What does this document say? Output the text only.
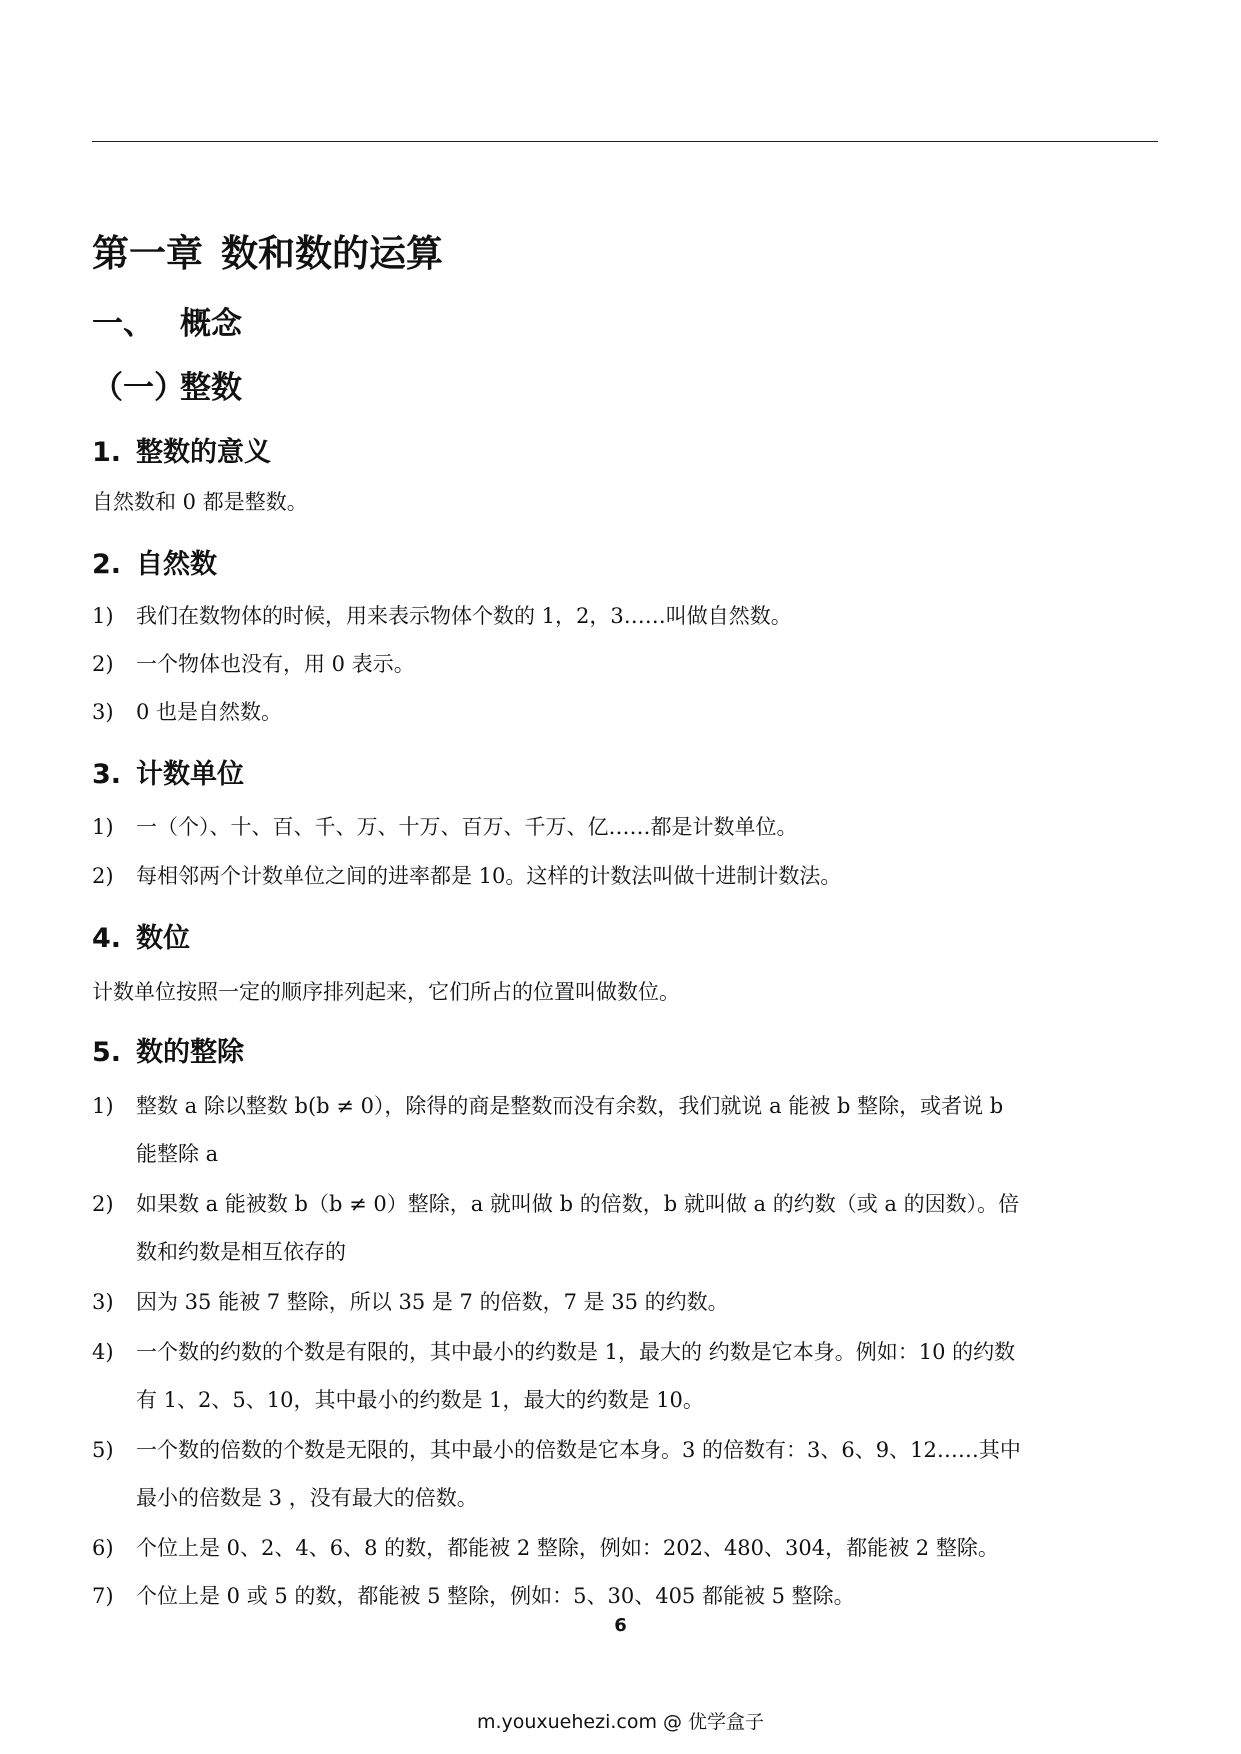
第一章 数和数的运算
一、 概念
（一）整数
1. 整数的意义
自然数和 0 都是整数。
2. 自然数
1) 我们在数物体的时候，用来表示物体个数的 1，2，3……叫做自然数。
2) 一个物体也没有，用 0 表示。
3) 0 也是自然数。
3. 计数单位
1) 一（个）、十、百、千、万、十万、百万、千万、亿……都是计数单位。
2) 每相邻两个计数单位之间的进率都是 10。这样的计数法叫做十进制计数法。
4. 数位
计数单位按照一定的顺序排列起来，它们所占的位置叫做数位。
5. 数的整除
1) 整数 a 除以整数 b(b ≠ 0），除得的商是整数而没有余数，我们就说 a 能被 b 整除，或者说 b
能整除 a
2) 如果数 a 能被数 b（b ≠ 0）整除，a 就叫做 b 的倍数，b 就叫做 a 的约数（或 a 的因数）。倍
数和约数是相互依存的
3) 因为 35 能被 7 整除，所以 35 是 7 的倍数，7 是 35 的约数。
4) 一个数的约数的个数是有限的，其中最小的约数是 1，最大的 约数是它本身。例如：10 的约数
有 1、2、5、10，其中最小的约数是 1，最大的约数是 10。
5) 一个数的倍数的个数是无限的，其中最小的倍数是它本身。3 的倍数有：3、6、9、12……其中
最小的倍数是 3 ，没有最大的倍数。
6) 个位上是 0、2、4、6、8 的数，都能被 2 整除，例如：202、480、304，都能被 2 整除。
7) 个位上是 0 或 5 的数，都能被 5 整除，例如：5、30、405 都能被 5 整除。
6
m.youxuehezi.com @ 优学盒子
